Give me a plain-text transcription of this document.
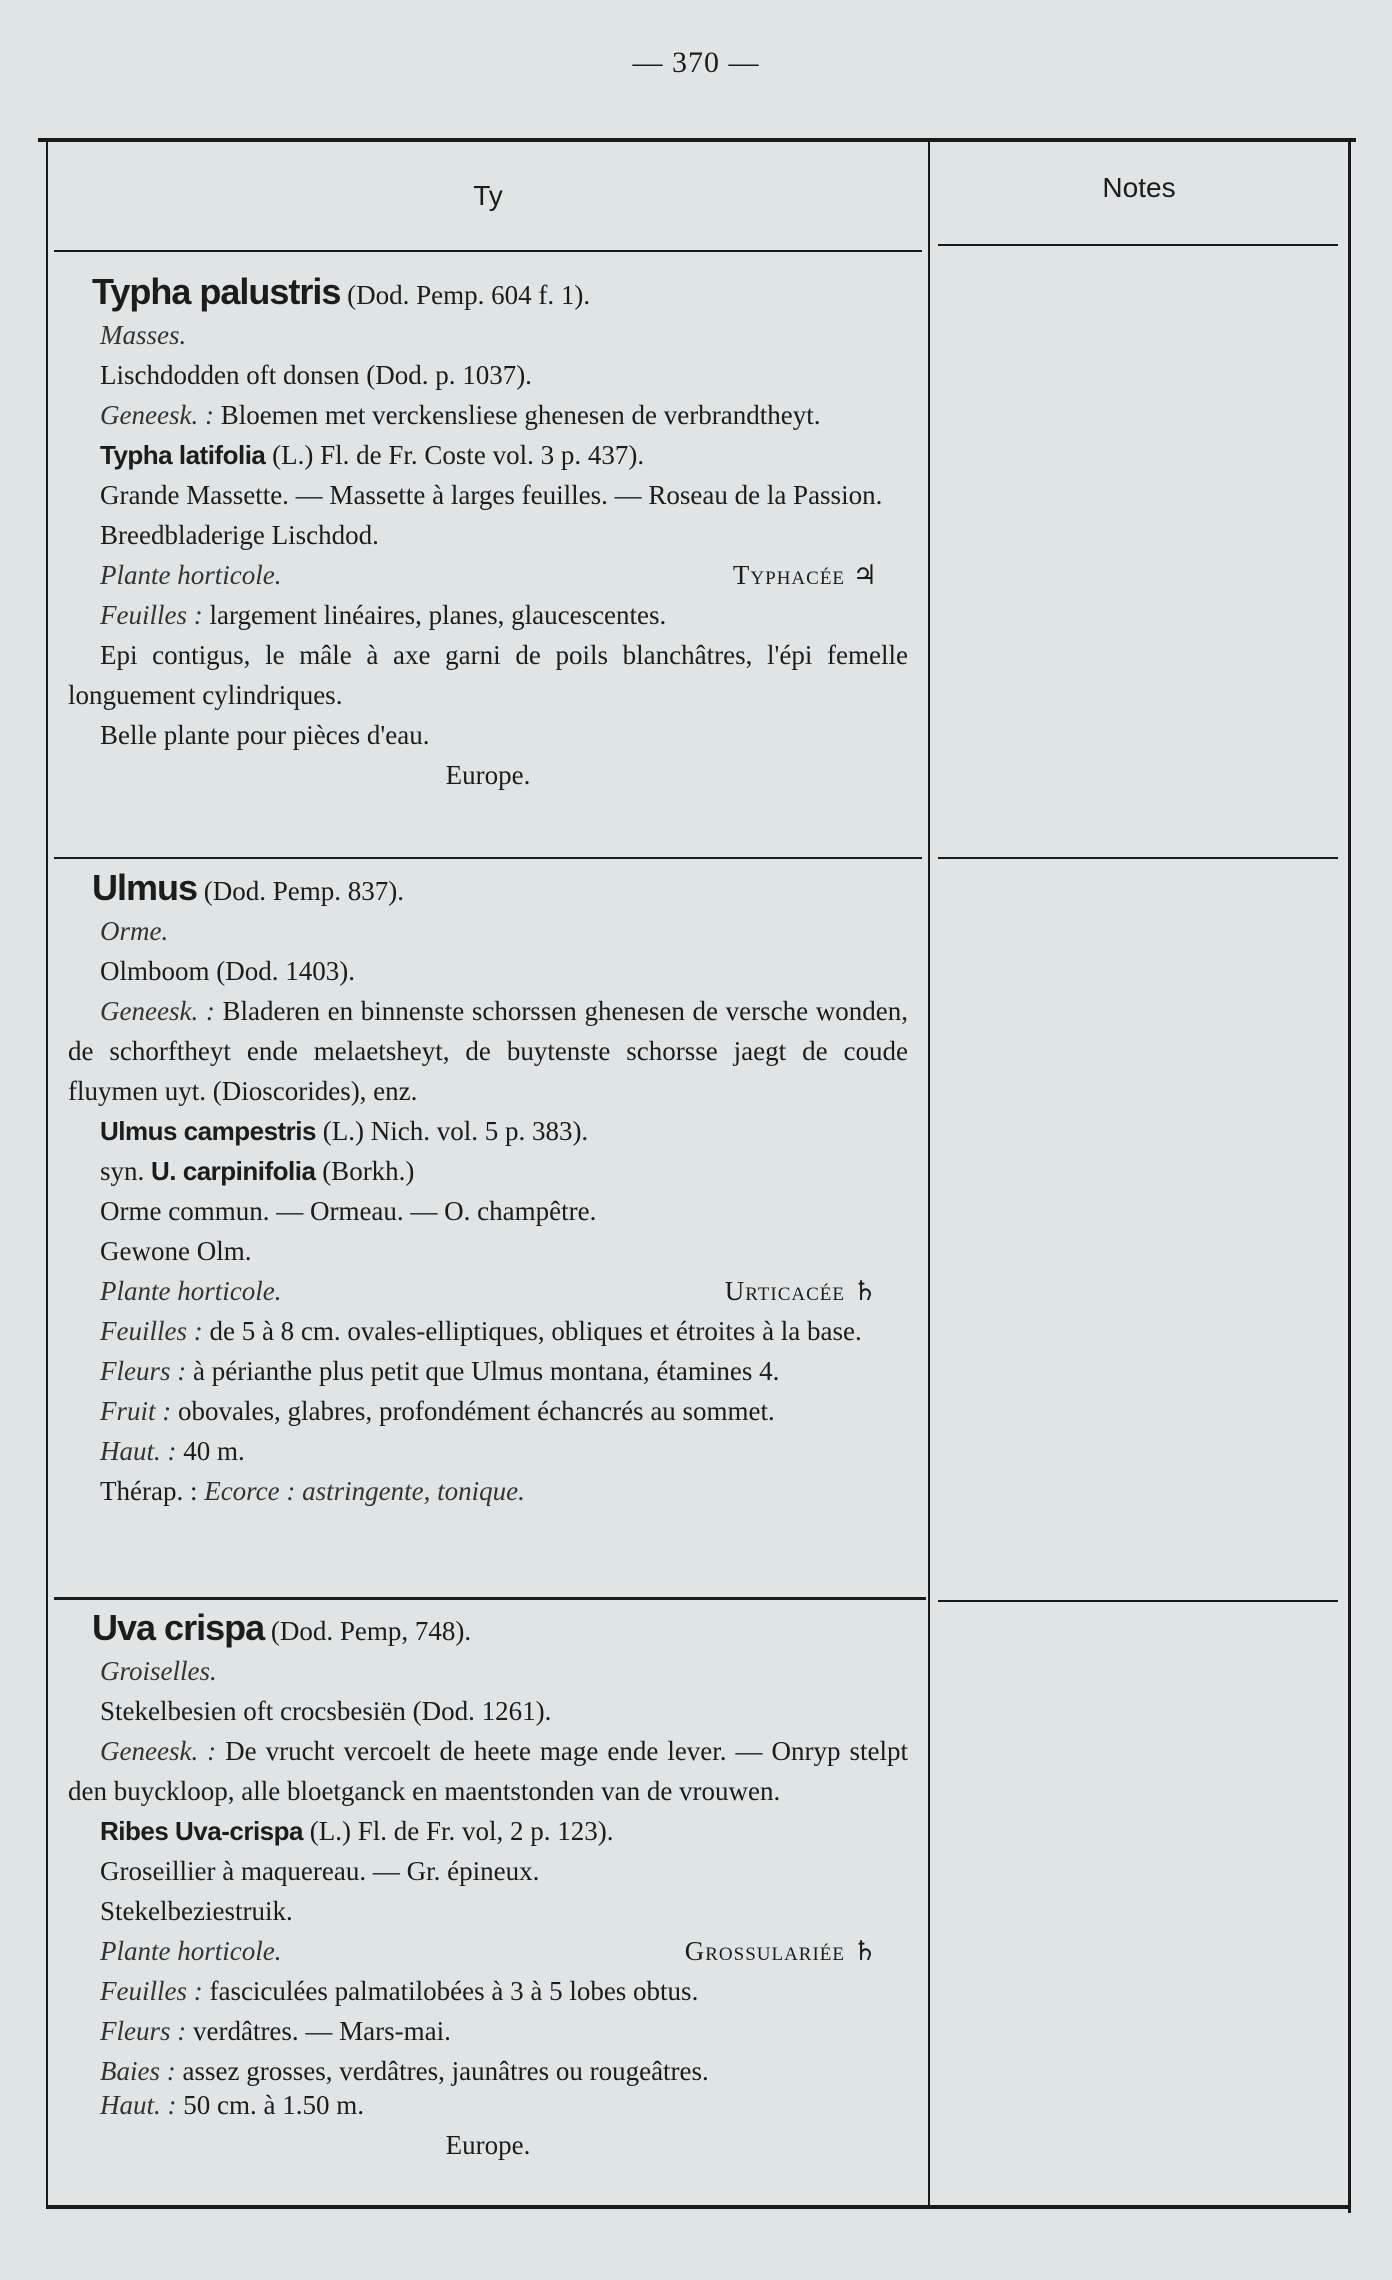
— 370 —
Ty	Notes

Typha palustris (Dod. Pemp. 604 f. 1).

Masses.

Lischdodden oft donsen (Dod. p. 1037).

Geneesk. : Bloemen met verckensliese ghenesen de verbrandtheyt.

Typha latifolia (L.) Fl. de Fr. Coste vol. 3 p. 437).

Grande Massette. — Massette à larges feuilles. — Roseau de la Passion.

Breedbladerige Lischdod.

Plante horticole.	Typhacée ♃

Feuilles : largement linéaires, planes, glaucescentes.

Epi contigus, le mâle à axe garni de poils blanchâtres, l'épi femelle longuement cylindriques.

Belle plante pour pièces d'eau.

Europe.

Ulmus (Dod. Pemp. 837).

Orme.

Olmboom (Dod. 1403).

Geneesk. : Bladeren en binnenste schorssen ghenesen de versche wonden, de schorftheyt ende melaetsheyt, de buytenste schorsse jaegt de coude fluymen uyt. (Dioscorides), enz.

Ulmus campestris (L.) Nich. vol. 5 p. 383).

syn. U. carpinifolia (Borkh.)

Orme commun. — Ormeau. — O. champêtre.

Gewone Olm.

Plante horticole.	Urticacée ♄

Feuilles : de 5 à 8 cm. ovales-elliptiques, obliques et étroites à la base.

Fleurs : à périanthe plus petit que Ulmus montana, étamines 4.

Fruit : obovales, glabres, profondément échancrés au sommet.

Haut. : 40 m.

Thérap. : Ecorce : astringente, tonique.

Uva crispa (Dod. Pemp, 748).

Groiselles.

Stekelbesien oft crocsbesiën (Dod. 1261).

Geneesk. : De vrucht vercoelt de heete mage ende lever. — Onryp stelpt den buyckloop, alle bloetganck en maentstonden van de vrouwen.

Ribes Uva-crispa (L.) Fl. de Fr. vol, 2 p. 123).

Groseillier à maquereau. — Gr. épineux.

Stekelbeziestruik.

Plante horticole.	Grossulariée ♄

Feuilles : fasciculées palmatilobées à 3 à 5 lobes obtus.

Fleurs : verdâtres. — Mars-mai.

Baies : assez grosses, verdâtres, jaunâtres ou rougeâtres.

Haut. : 50 cm. à 1.50 m.

Europe.
